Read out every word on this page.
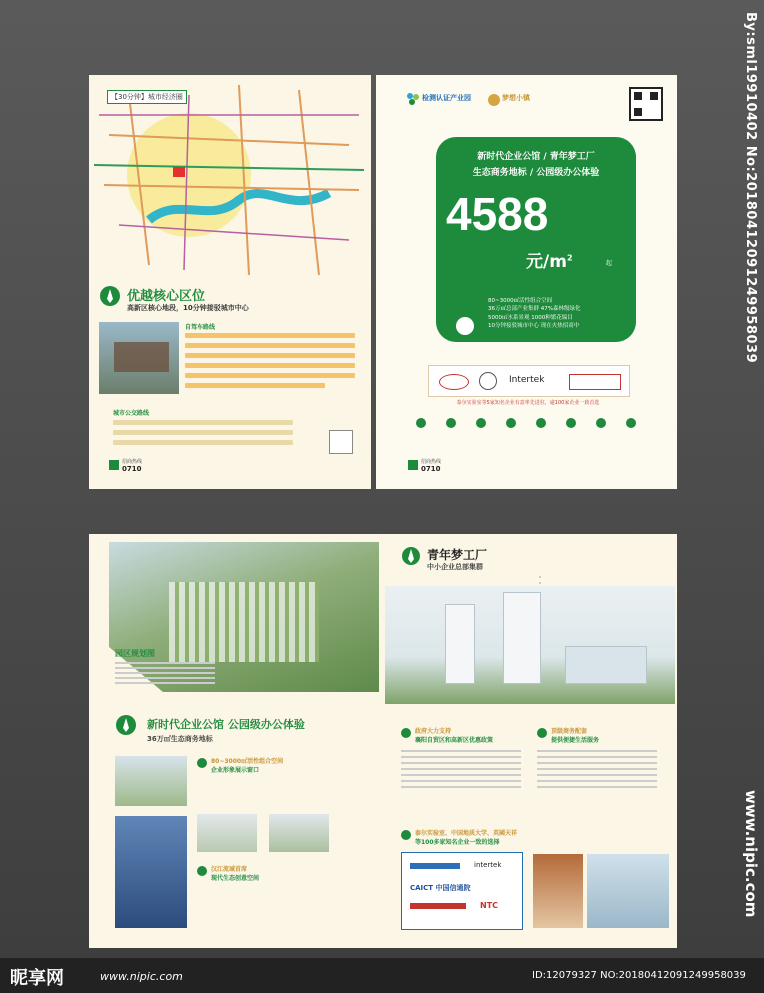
【30分钟】城市经济圈
优越核心区位
高新区核心地段，10分钟接驳城市中心
自驾车路线
城市公交路线
招商热线
0710
检测认证产业园	梦想小镇
新时代企业公馆 / 青年梦工厂
生态商务地标 / 公园级办公体验
4588
元$/m^2$
起
80~3000㎡活性组合空间
36万㎡总部产业集群 47%森林级绿化
5000㎡水系景观 1000种繁花编目
10分钟接驳城市中心 现在火热招商中
Intertek
泰尔实验室等5家知名企业有意率先进驻，逾100家企业一致首选
招商热线
0710
园区规划图
青年梦工厂
中小企业总部集群
新时代企业公馆 公园级办公体验
36万㎡生态商务地标
80~3000㎡活性组合空间
企业形象展示窗口
汉江流域首席
现代生态创意空间
政府大力支持
襄阳自贸区和高新区优惠政策
顶级商务配套
提供便捷生活服务
泰尔实验室、中国地质大学、英國天祥
等100多家知名企业一致的选择
intertek
CAICT 中国信通院
NTC
By:sml19910402 No:20180412091249958039
www.nipic.com
昵享网	www.nipic.com	ID:12079327 NO:20180412091249958039
